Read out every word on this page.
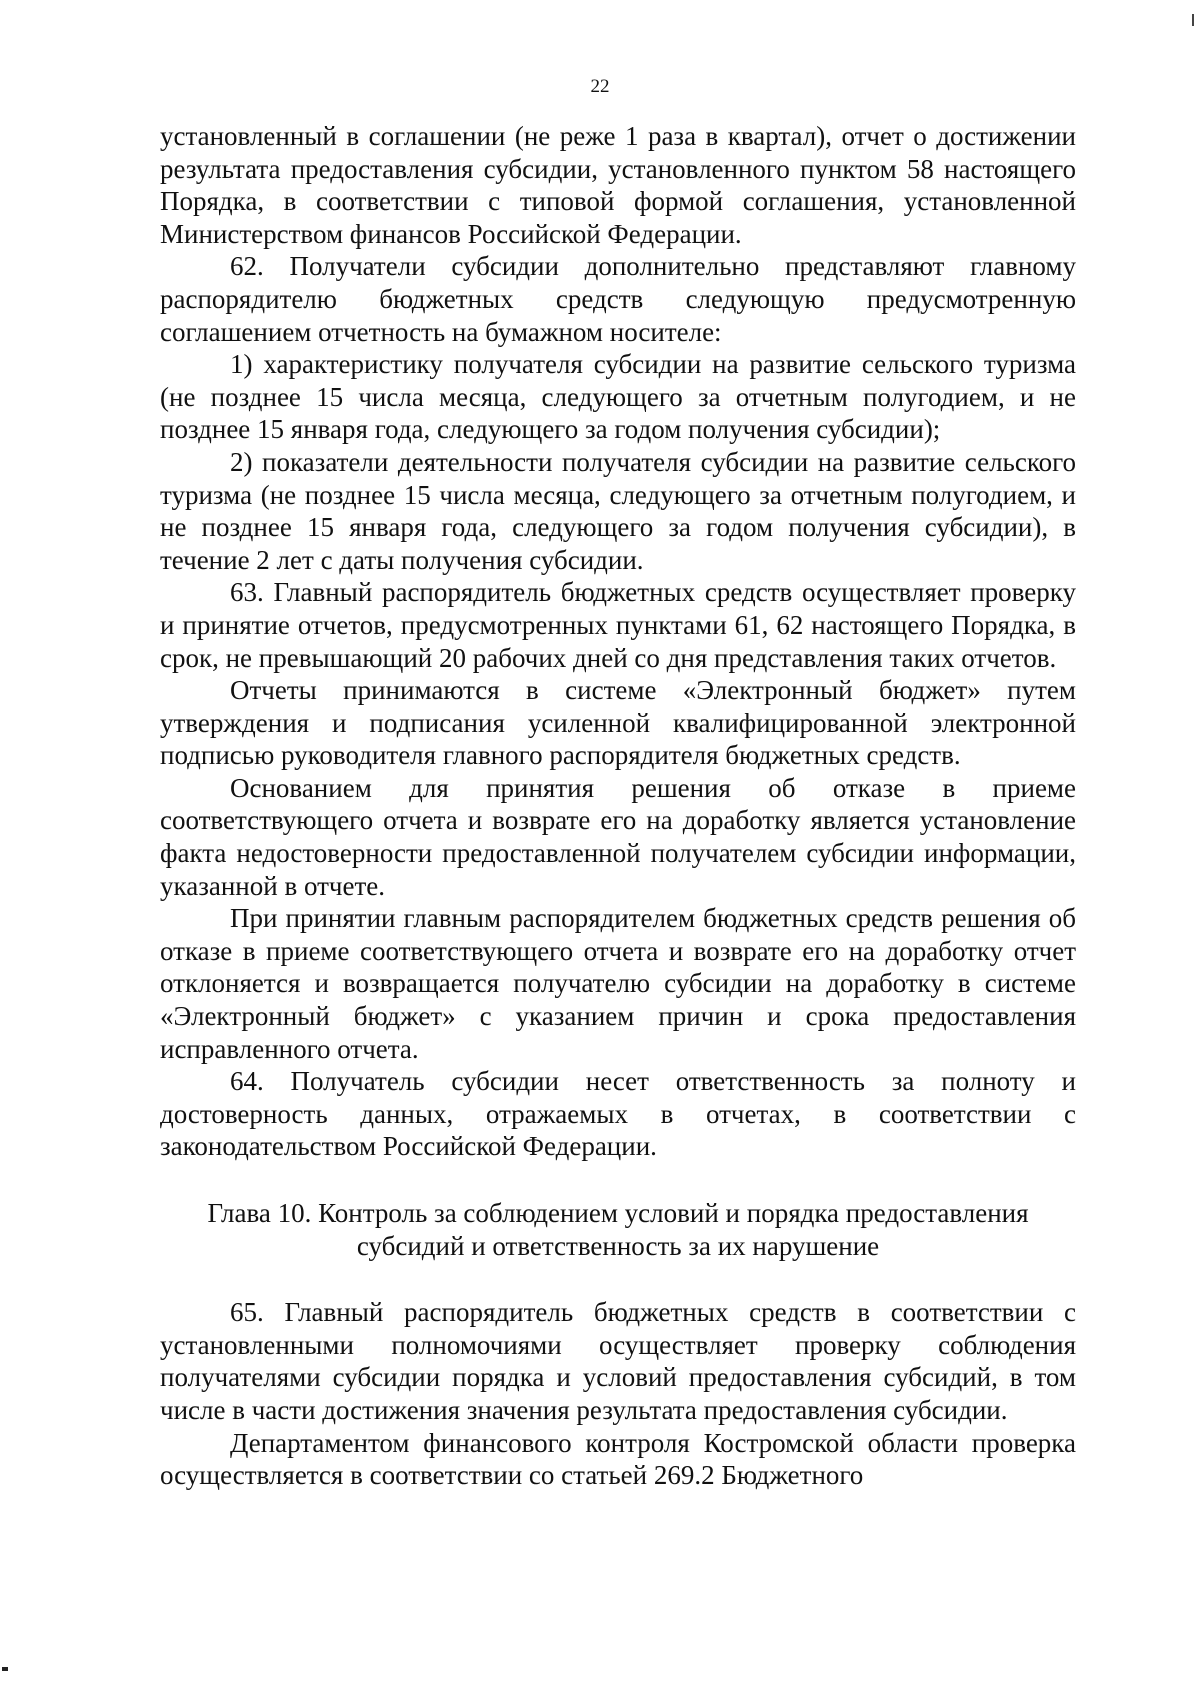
22

установленный в соглашении (не реже 1 раза в квартал), отчет о достижении результата предоставления субсидии, установленного пунктом 58 настоящего Порядка, в соответствии с типовой формой соглашения, установленной Министерством финансов Российской Федерации.

62. Получатели субсидии дополнительно представляют главному распорядителю бюджетных средств следующую предусмотренную соглашением отчетность на бумажном носителе:

1) характеристику получателя субсидии на развитие сельского туризма (не позднее 15 числа месяца, следующего за отчетным полугодием, и не позднее 15 января года, следующего за годом получения субсидии);

2) показатели деятельности получателя субсидии на развитие сельского туризма (не позднее 15 числа месяца, следующего за отчетным полугодием, и не позднее 15 января года, следующего за годом получения субсидии), в течение 2 лет с даты получения субсидии.

63. Главный распорядитель бюджетных средств осуществляет проверку и принятие отчетов, предусмотренных пунктами 61, 62 настоящего Порядка, в срок, не превышающий 20 рабочих дней со дня представления таких отчетов.

Отчеты принимаются в системе «Электронный бюджет» путем утверждения и подписания усиленной квалифицированной электронной подписью руководителя главного распорядителя бюджетных средств.

Основанием для принятия решения об отказе в приеме соответствующего отчета и возврате его на доработку является установление факта недостоверности предоставленной получателем субсидии информации, указанной в отчете.

При принятии главным распорядителем бюджетных средств решения об отказе в приеме соответствующего отчета и возврате его на доработку отчет отклоняется и возвращается получателю субсидии на доработку в системе «Электронный бюджет» с указанием причин и срока предоставления исправленного отчета.

64. Получатель субсидии несет ответственность за полноту и достоверность данных, отражаемых в отчетах, в соответствии с законодательством Российской Федерации.

Глава 10. Контроль за соблюдением условий и порядка предоставления
субсидий и ответственность за их нарушение

65. Главный распорядитель бюджетных средств в соответствии с установленными полномочиями осуществляет проверку соблюдения получателями субсидии порядка и условий предоставления субсидий, в том числе в части достижения значения результата предоставления субсидии.

Департаментом финансового контроля Костромской области проверка осуществляется в соответствии со статьей 269.2 Бюджетного
